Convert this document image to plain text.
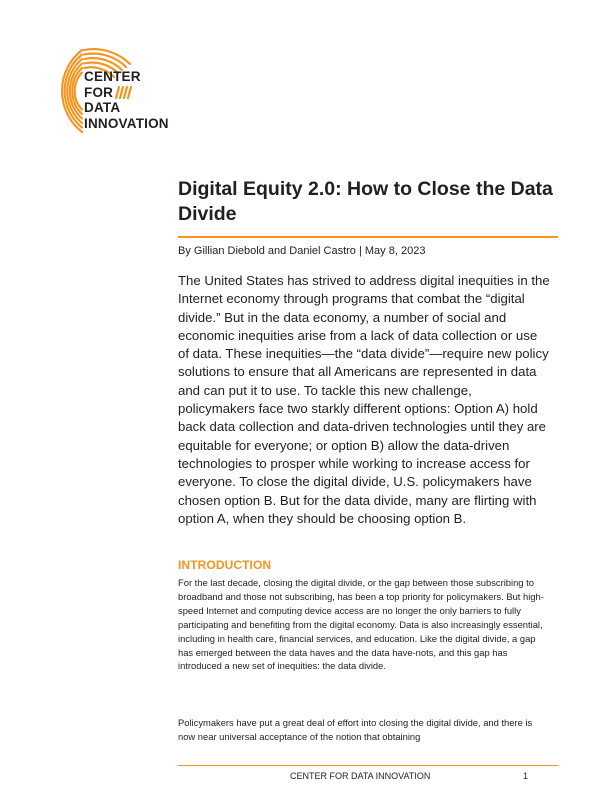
CENTER
FOR
DATA
INNOVATION
Digital Equity 2.0: How to Close the Data Divide
By Gillian Diebold and Daniel Castro | May 8, 2023

The United States has strived to address digital inequities in the Internet economy through programs that combat the “digital divide.” But in the data economy, a number of social and economic inequities arise from a lack of data collection or use of data. These inequities—the “data divide”—require new policy solutions to ensure that all Americans are represented in data and can put it to use. To tackle this new challenge, policymakers face two starkly different options: Option A) hold back data collection and data-driven technologies until they are equitable for everyone; or option B) allow the data-driven technologies to prosper while working to increase access for everyone. To close the digital divide, U.S. policymakers have chosen option B. But for the data divide, many are flirting with option A, when they should be choosing option B.

INTRODUCTION

For the last decade, closing the digital divide, or the gap between those subscribing to broadband and those not subscribing, has been a top priority for policymakers. But high-speed Internet and computing device access are no longer the only barriers to fully participating and benefiting from the digital economy. Data is also increasingly essential, including in health care, financial services, and education. Like the digital divide, a gap has emerged between the data haves and the data have-nots, and this gap has introduced a new set of inequities: the data divide.

Policymakers have put a great deal of effort into closing the digital divide, and there is now near universal acceptance of the notion that obtaining

CENTER FOR DATA INNOVATION	1
